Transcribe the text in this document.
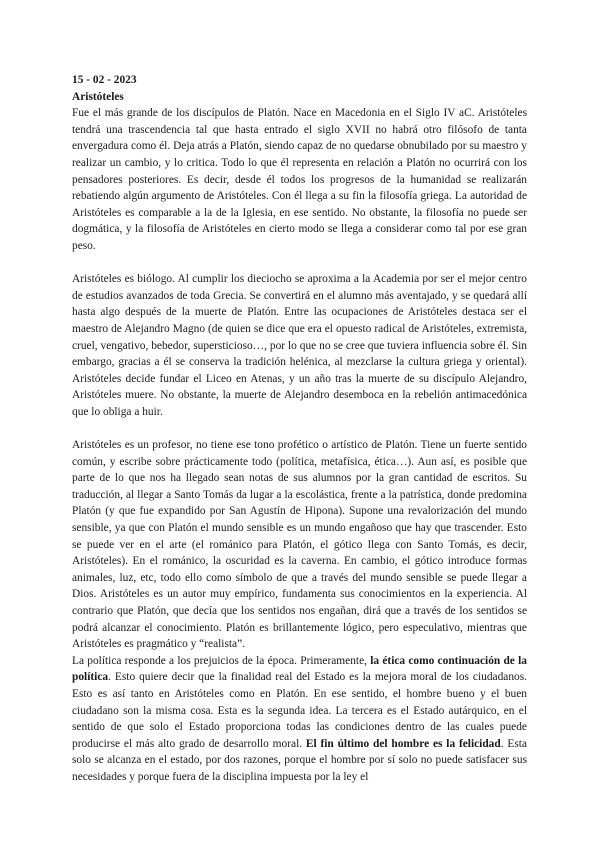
15 - 02 - 2023
Aristóteles

Fue el más grande de los discípulos de Platón. Nace en Macedonia en el Siglo IV aC. Aristóteles tendrá una trascendencia tal que hasta entrado el siglo XVII no habrá otro filósofo de tanta envergadura como él. Deja atrás a Platón, siendo capaz de no quedarse obnubilado por su maestro y realizar un cambio, y lo critica. Todo lo que él representa en relación a Platón no ocurrirá con los pensadores posteriores. Es decir, desde él todos los progresos de la humanidad se realizarán rebatiendo algún argumento de Aristóteles. Con él llega a su fin la filosofía griega. La autoridad de Aristóteles es comparable a la de la Iglesia, en ese sentido. No obstante, la filosofía no puede ser dogmática, y la filosofía de Aristóteles en cierto modo se llega a considerar como tal por ese gran peso.

Aristóteles es biólogo. Al cumplir los dieciocho se aproxima a la Academia por ser el mejor centro de estudios avanzados de toda Grecia. Se convertirá en el alumno más aventajado, y se quedará allí hasta algo después de la muerte de Platón. Entre las ocupaciones de Aristóteles destaca ser el maestro de Alejandro Magno (de quien se dice que era el opuesto radical de Aristóteles, extremista, cruel, vengativo, bebedor, supersticioso…, por lo que no se cree que tuviera influencia sobre él. Sin embargo, gracias a él se conserva la tradición helénica, al mezclarse la cultura griega y oriental). Aristóteles decide fundar el Liceo en Atenas, y un año tras la muerte de su discípulo Alejandro, Aristóteles muere. No obstante, la muerte de Alejandro desemboca en la rebelión antimacedónica que lo obliga a huir.

Aristóteles es un profesor, no tiene ese tono profético o artístico de Platón. Tiene un fuerte sentido común, y escribe sobre prácticamente todo (política, metafísica, ética…). Aun así, es posible que parte de lo que nos ha llegado sean notas de sus alumnos por la gran cantidad de escritos. Su traducción, al llegar a Santo Tomás da lugar a la escolástica, frente a la patrística, donde predomina Platón (y que fue expandido por San Agustín de Hipona). Supone una revalorización del mundo sensible, ya que con Platón el mundo sensible es un mundo engañoso que hay que trascender. Esto se puede ver en el arte (el románico para Platón, el gótico llega con Santo Tomás, es decir, Aristóteles). En el románico, la oscuridad es la caverna. En cambio, el gótico introduce formas animales, luz, etc, todo ello como símbolo de que a través del mundo sensible se puede llegar a Dios. Aristóteles es un autor muy empírico, fundamenta sus conocimientos en la experiencia. Al contrario que Platón, que decía que los sentidos nos engañan, dirá que a través de los sentidos se podrá alcanzar el conocimiento. Platón es brillantemente lógico, pero especulativo, mientras que Aristóteles es pragmático y “realista”.

La política responde a los prejuicios de la época. Primeramente, la ética como continuación de la política. Esto quiere decir que la finalidad real del Estado es la mejora moral de los ciudadanos. Esto es así tanto en Aristóteles como en Platón. En ese sentido, el hombre bueno y el buen ciudadano son la misma cosa. Esta es la segunda idea. La tercera es el Estado autárquico, en el sentido de que solo el Estado proporciona todas las condiciones dentro de las cuales puede producirse el más alto grado de desarrollo moral. El fin último del hombre es la felicidad. Esta solo se alcanza en el estado, por dos razones, porque el hombre por sí solo no puede satisfacer sus necesidades y porque fuera de la disciplina impuesta por la ley el
